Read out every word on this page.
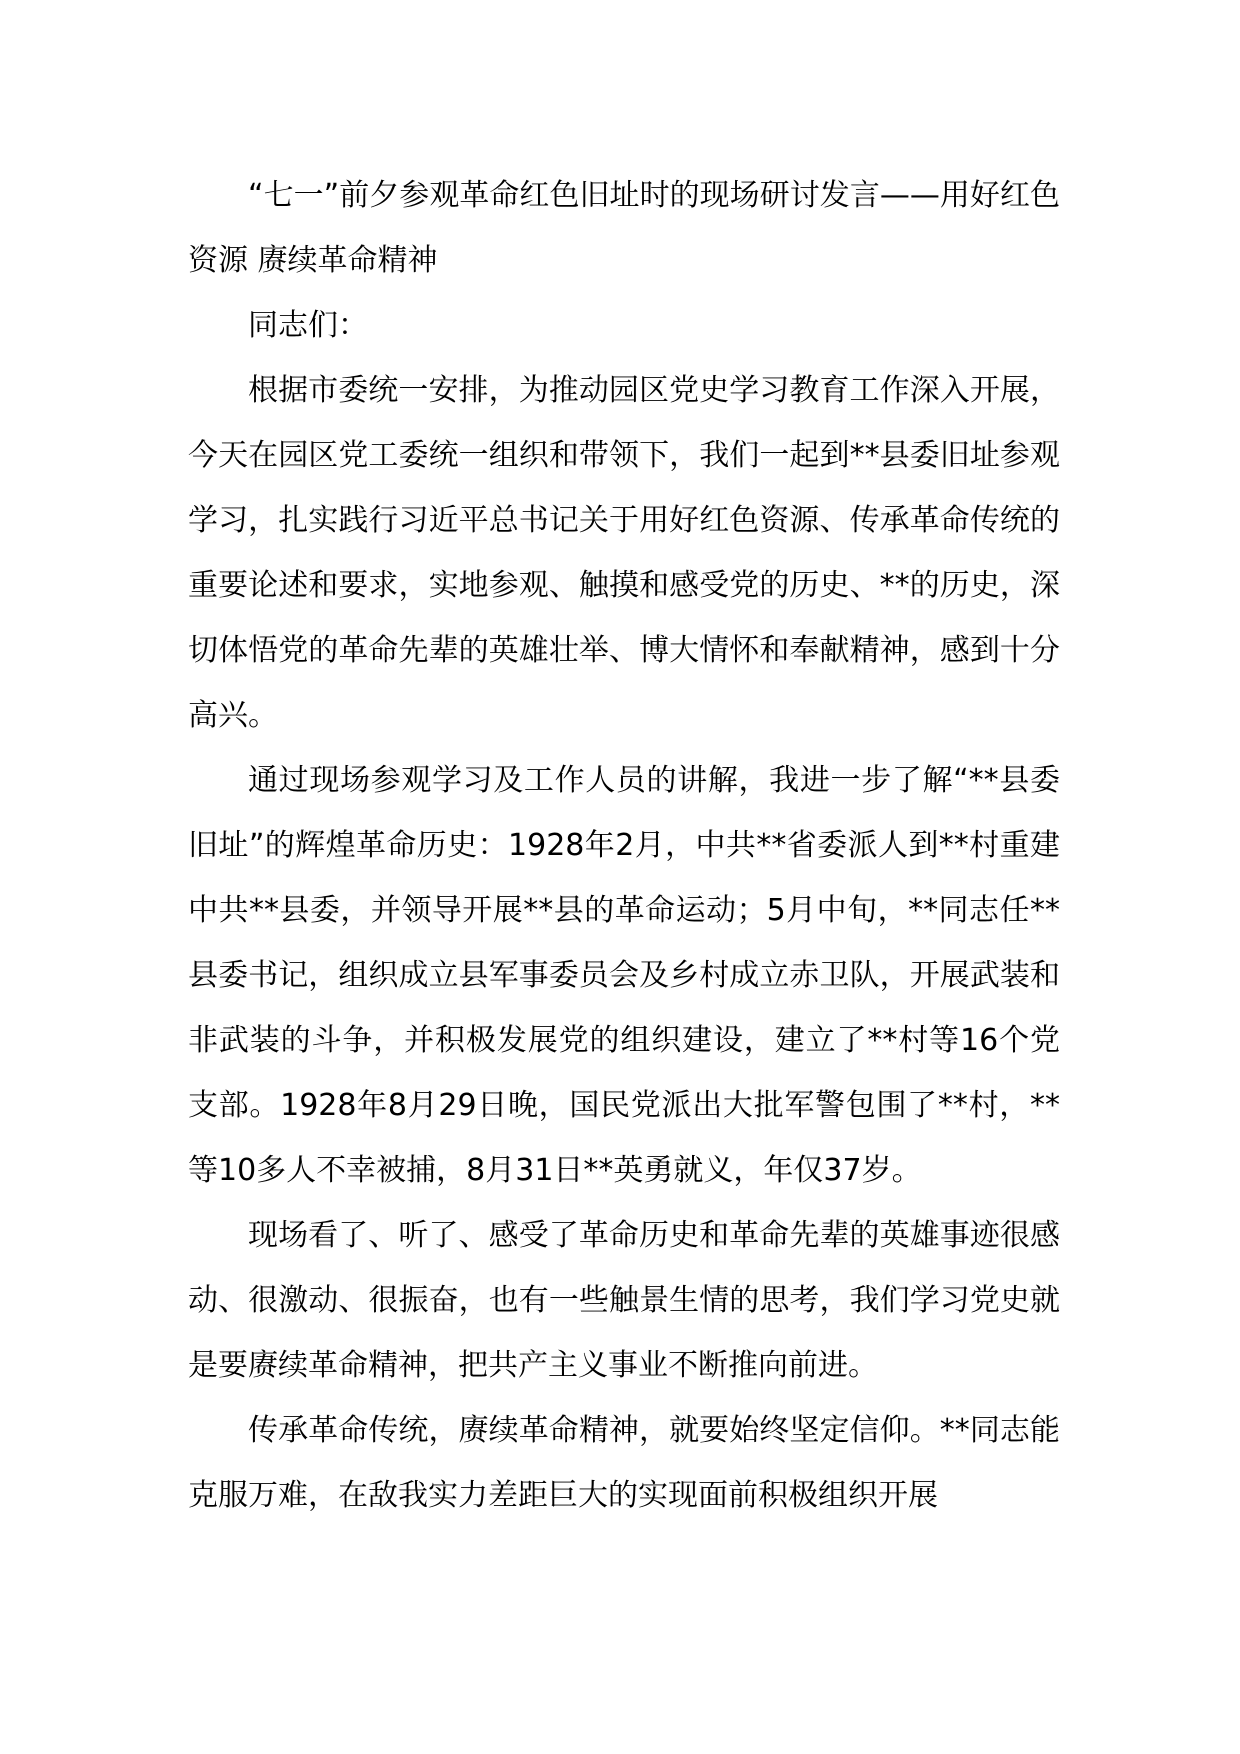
“七一”前夕参观革命红色旧址时的现场研讨发言——用好红色资源 赓续革命精神

同志们：

根据市委统一安排，为推动园区党史学习教育工作深入开展，今天在园区党工委统一组织和带领下，我们一起到**县委旧址参观学习，扎实践行习近平总书记关于用好红色资源、传承革命传统的重要论述和要求，实地参观、触摸和感受党的历史、**的历史，深切体悟党的革命先辈的英雄壮举、博大情怀和奉献精神，感到十分高兴。

通过现场参观学习及工作人员的讲解，我进一步了解“**县委旧址”的辉煌革命历史：1928年2月，中共**省委派人到**村重建中共**县委，并领导开展**县的革命运动；5月中旬，**同志任**县委书记，组织成立县军事委员会及乡村成立赤卫队，开展武装和非武装的斗争，并积极发展党的组织建设，建立了**村等16个党支部。1928年8月29日晚，国民党派出大批军警包围了**村，**等10多人不幸被捕，8月31日**英勇就义，年仅37岁。

现场看了、听了、感受了革命历史和革命先辈的英雄事迹很感动、很激动、很振奋，也有一些触景生情的思考，我们学习党史就是要赓续革命精神，把共产主义事业不断推向前进。

传承革命传统，赓续革命精神，就要始终坚定信仰。**同志能克服万难，在敌我实力差距巨大的实现面前积极组织开展
